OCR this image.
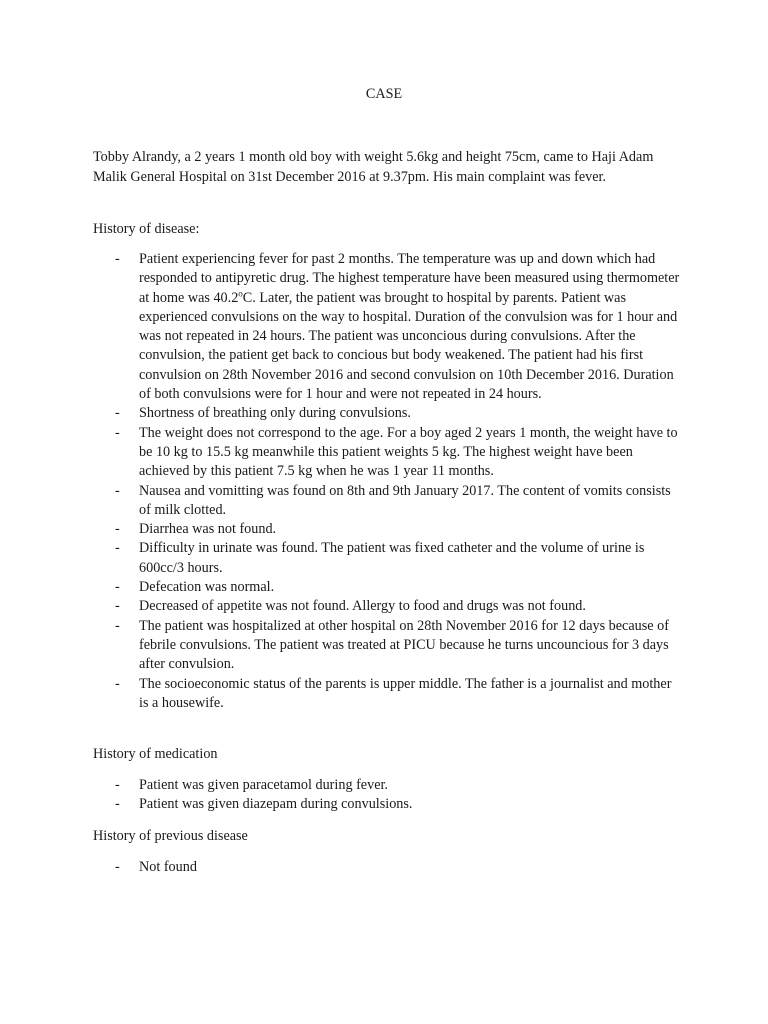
CASE

Tobby Alrandy, a 2 years 1 month old boy with weight 5.6kg and height 75cm, came to Haji Adam Malik General Hospital on 31st December 2016 at 9.37pm. His main complaint was fever.

History of disease:

- Patient experiencing fever for past 2 months. The temperature was up and down which had responded to antipyretic drug. The highest temperature have been measured using thermometer at home was 40.2$^o$C. Later, the patient was brought to hospital by parents. Patient was experienced convulsions on the way to hospital. Duration of the convulsion was for 1 hour and was not repeated in 24 hours. The patient was unconcious during convulsions. After the convulsion, the patient get back to concious but body weakened. The patient had his first convulsion on 28th November 2016 and second convulsion on 10th December 2016. Duration of both convulsions were for 1 hour and were not repeated in 24 hours.
- Shortness of breathing only during convulsions.
- The weight does not correspond to the age. For a boy aged 2 years 1 month, the weight have to be 10 kg to 15.5 kg meanwhile this patient weights 5 kg. The highest weight have been achieved by this patient 7.5 kg when he was 1 year 11 months.
- Nausea and vomitting was found on 8th and 9th January 2017. The content of vomits consists of milk clotted.
- Diarrhea was not found.
- Difficulty in urinate was found. The patient was fixed catheter and the volume of urine is 600cc/3 hours.
- Defecation was normal.
- Decreased of appetite was not found. Allergy to food and drugs was not found.
- The patient was hospitalized at other hospital on 28th November 2016 for 12 days because of febrile convulsions. The patient was treated at PICU because he turns uncouncious for 3 days after convulsion.
- The socioeconomic status of the parents is upper middle. The father is a journalist and mother is a housewife.

History of medication

- Patient was given paracetamol during fever.
- Patient was given diazepam during convulsions.

History of previous disease

- Not found
